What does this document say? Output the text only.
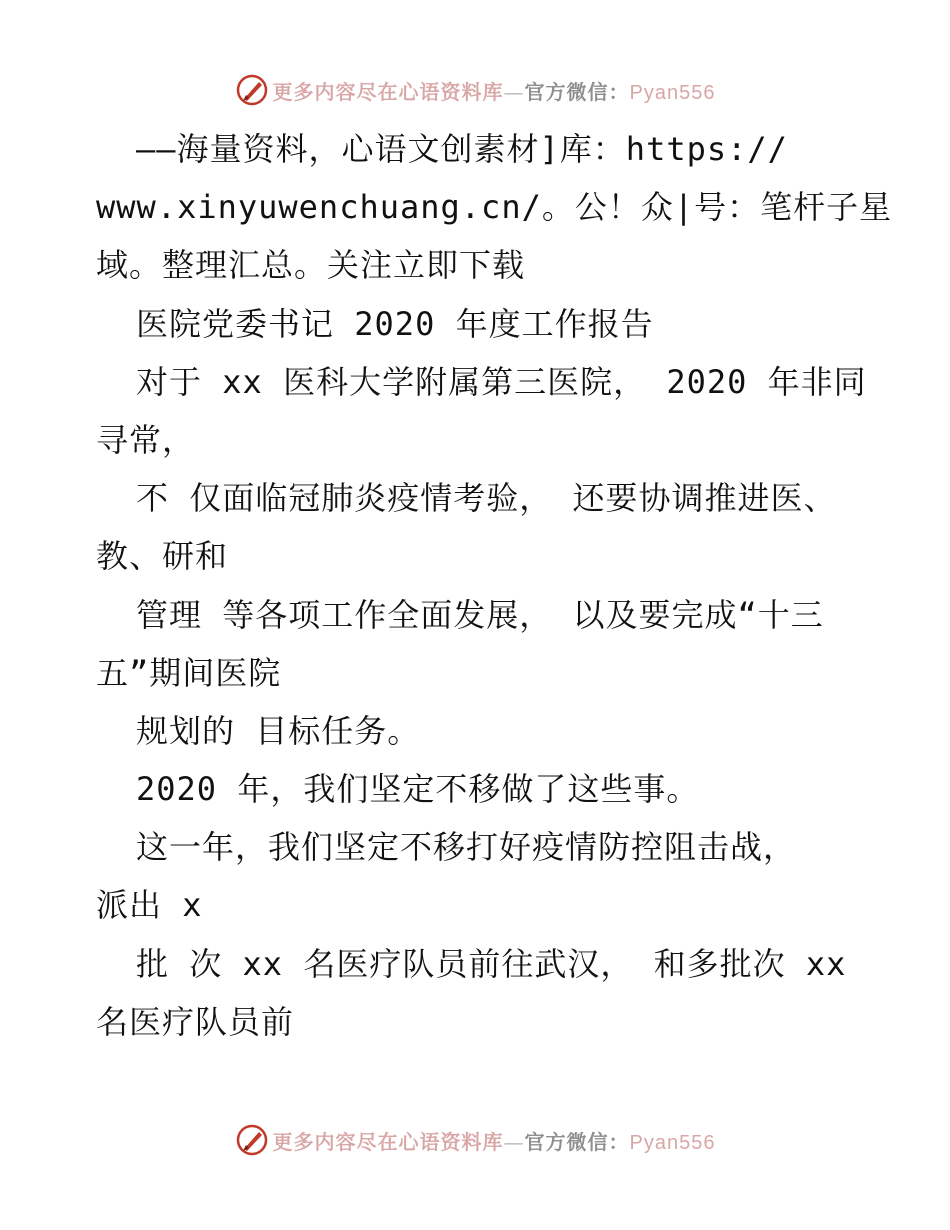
更多内容尽在心语资料库—官方微信：Pyan556
——海量资料，心语文创素材]库：https://
www.xinyuwenchuang.cn/。公！众|号：笔杆子星
域。整理汇总。关注立即下载
医院党委书记 2020 年度工作报告
对于 xx 医科大学附属第三医院， 2020 年非同
寻常，
不 仅面临冠肺炎疫情考验， 还要协调推进医、
教、研和
管理 等各项工作全面发展， 以及要完成“十三
五”期间医院
规划的 目标任务。
2020 年，我们坚定不移做了这些事。
这一年，我们坚定不移打好疫情防控阻击战，
派出 x
批 次 xx 名医疗队员前往武汉， 和多批次 xx
名医疗队员前
更多内容尽在心语资料库—官方微信：Pyan556
